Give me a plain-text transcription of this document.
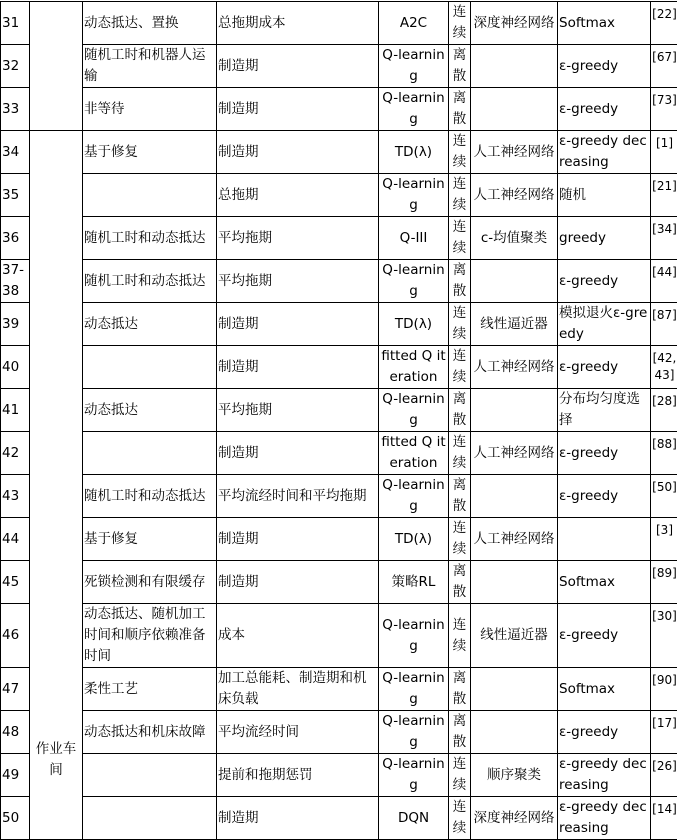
31		动态抵达、置换	总拖期成本	A2C	连续	深度神经网络	Softmax	[22]
32		随机工时和机器人运输	制造期	Q-learning	离散		ε-greedy	[67]
33		非等待	制造期	Q-learning	离散		ε-greedy	[73]
34	作业车间	基于修复	制造期	TD(λ)	连续	人工神经网络	ε-greedy decreasing	[1]
35			总拖期	Q-learning	连续	人工神经网络	随机	[21]
36		随机工时和动态抵达	平均拖期	Q-III	连续	c-均值聚类	greedy	[34]
37-38		随机工时和动态抵达	平均拖期	Q-learning	离散		ε-greedy	[44]
39		动态抵达	制造期	TD(λ)	连续	线性逼近器	模拟退火ε-greedy	[87]
40			制造期	fitted Q iteration	连续	人工神经网络	ε-greedy	[42, 43]
41		动态抵达	平均拖期	Q-learning	离散		分布均匀度选择	[28]
42			制造期	fitted Q iteration	连续	人工神经网络	ε-greedy	[88]
43		随机工时和动态抵达	平均流经时间和平均拖期	Q-learning	离散		ε-greedy	[50]
44		基于修复	制造期	TD(λ)	连续	人工神经网络		[3]
45		死锁检测和有限缓存	制造期	策略RL	离散		Softmax	[89]
46		动态抵达、随机加工时间和顺序依赖准备时间	成本	Q-learning	连续	线性逼近器	ε-greedy	[30]
47		柔性工艺	加工总能耗、制造期和机床负载	Q-learning	离散		Softmax	[90]
48		动态抵达和机床故障	平均流经时间	Q-learning	离散		ε-greedy	[17]
49			提前和拖期惩罚	Q-learning	连续	顺序聚类	ε-greedy decreasing	[26]
50			制造期	DQN	连续	深度神经网络	ε-greedy decreasing	[14]
